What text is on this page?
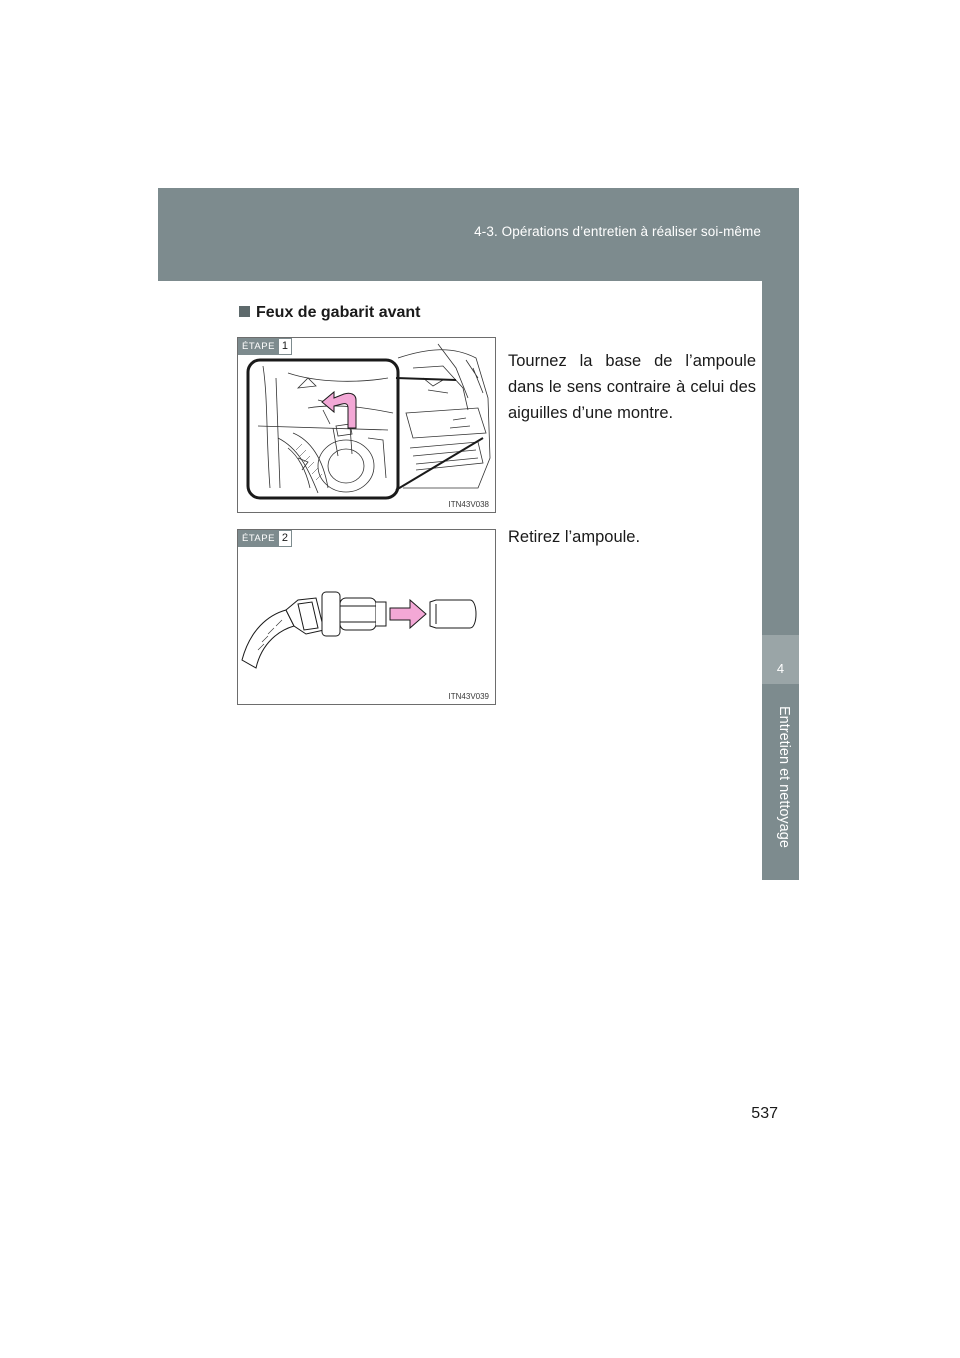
4-3. Opérations d’entretien à réaliser soi-même
4
Entretien et nettoyage
Feux de gabarit avant
ÉTAPE 1
ITN43V038
Tournez la base de l’ampoule dans le sens contraire à celui des aiguilles d’une montre.
ÉTAPE 2
ITN43V039
Retirez l’ampoule.
537
